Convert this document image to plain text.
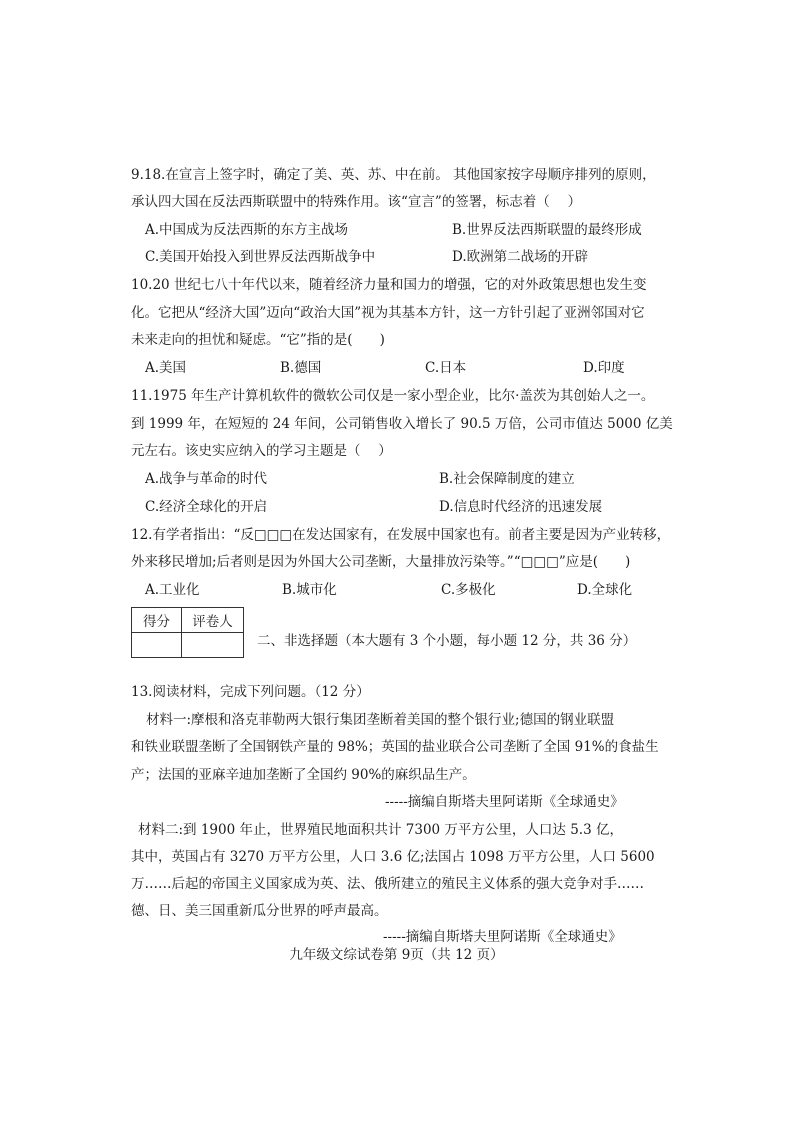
9.18.在宣言上签字时，确定了美、英、苏、中在前。 其他国家按字母顺序排列的原则，
承认四大国在反法西斯联盟中的特殊作用。该“宣言”的签署，标志着（　 ）
A.中国成为反法西斯的东方主战场	B.世界反法西斯联盟的最终形成
C.美国开始投入到世界反法西斯战争中	D.欧洲第二战场的开辟
10.20 世纪七八十年代以来，随着经济力量和国力的增强，它的对外政策思想也发生变
化。它把从“经济大国”迈向“政治大国”视为其基本方针，这一方针引起了亚洲邻国对它
未来走向的担忧和疑虑。“它”指的是(　　)
A.美国	B.德国	C.日本	D.印度
11.1975 年生产计算机软件的微软公司仅是一家小型企业，比尔·盖茨为其创始人之一。
到 1999 年，在短短的 24 年间，公司销售收入增长了 90.5 万倍，公司市值达 5000 亿美
元左右。该史实应纳入的学习主题是（　 ）
A.战争与革命的时代	B.社会保障制度的建立
C.经济全球化的开启	D.信息时代经济的迅速发展
12.有学者指出：“反□□□在发达国家有，在发展中国家也有。前者主要是因为产业转移，
外来移民增加;后者则是因为外国大公司垄断，大量排放污染等。”“□□□”应是(　　)
A.工业化	B.城市化	C.多极化	D.全球化
得分	评卷人

二、非选择题（本大题有 3 个小题，每小题 12 分，共 36 分）
13.阅读材料，完成下列问题。（12 分）
材料一:摩根和洛克菲勒两大银行集团垄断着美国的整个银行业;德国的钢业联盟
和铁业联盟垄断了全国钢铁产量的 98%；英国的盐业联合公司垄断了全国 91%的食盐生
产；法国的亚麻辛迪加垄断了全国约 90%的麻织品生产。
-----摘编自斯塔夫里阿诺斯《全球通史》
材料二:到 1900 年止，世界殖民地面积共计 7300 万平方公里，人口达 5.3 亿，
其中，英国占有 3270 万平方公里，人口 3.6 亿;法国占 1098 万平方公里，人口 5600
万……后起的帝国主义国家成为英、法、俄所建立的殖民主义体系的强大竞争对手……
德、日、美三国重新瓜分世界的呼声最高。
-----摘编自斯塔夫里阿诺斯《全球通史》
九年级文综试卷第 9页（共 12 页）
